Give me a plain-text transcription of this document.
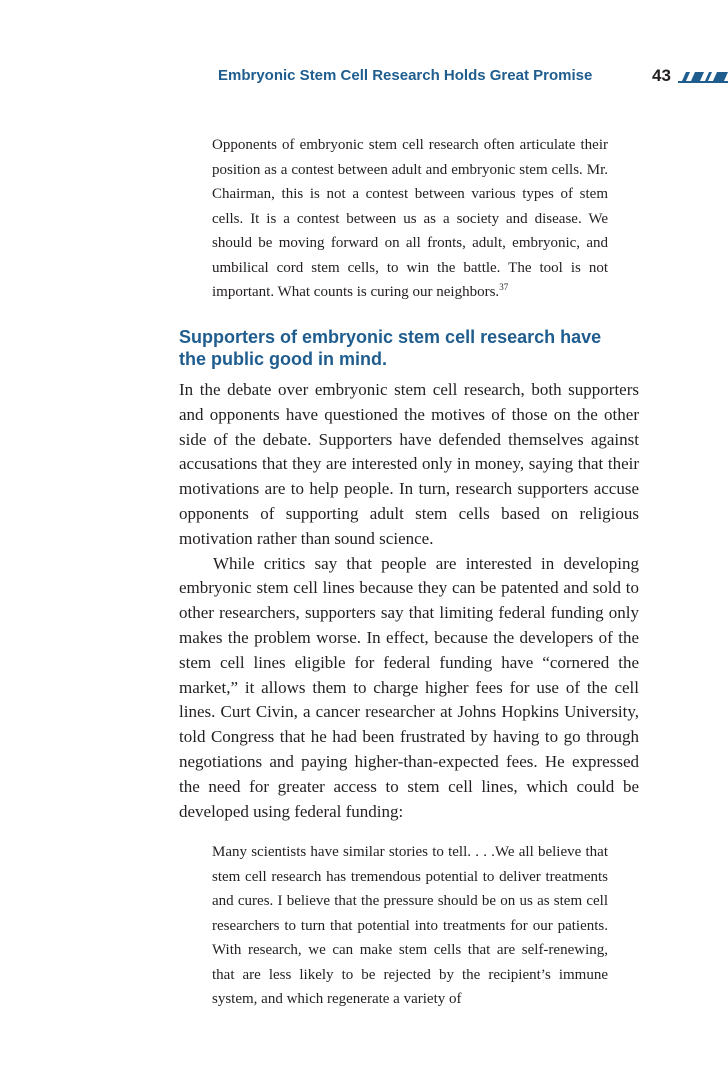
Embryonic Stem Cell Research Holds Great Promise	43

Opponents of embryonic stem cell research often articulate their position as a contest between adult and embryonic stem cells. Mr. Chairman, this is not a contest between various types of stem cells. It is a contest between us as a society and disease. We should be moving forward on all fronts, adult, embryonic, and umbilical cord stem cells, to win the battle. The tool is not important. What counts is curing our neighbors.$^{37}$

Supporters of embryonic stem cell research have the public good in mind.

In the debate over embryonic stem cell research, both supporters and opponents have questioned the motives of those on the other side of the debate. Supporters have defended themselves against accusations that they are interested only in money, saying that their motivations are to help people. In turn, research supporters accuse opponents of supporting adult stem cells based on religious motivation rather than sound science.

While critics say that people are interested in developing embryonic stem cell lines because they can be patented and sold to other researchers, supporters say that limiting federal funding only makes the problem worse. In effect, because the developers of the stem cell lines eligible for federal funding have “cornered the market,” it allows them to charge higher fees for use of the cell lines. Curt Civin, a cancer researcher at Johns Hopkins University, told Congress that he had been frustrated by having to go through negotiations and paying higher-than-expected fees. He expressed the need for greater access to stem cell lines, which could be developed using federal funding:

Many scientists have similar stories to tell. . . .We all believe that stem cell research has tremendous potential to deliver treatments and cures. I believe that the pressure should be on us as stem cell researchers to turn that potential into treatments for our patients. With research, we can make stem cells that are self-renewing, that are less likely to be rejected by the recipient’s immune system, and which regenerate a variety of
